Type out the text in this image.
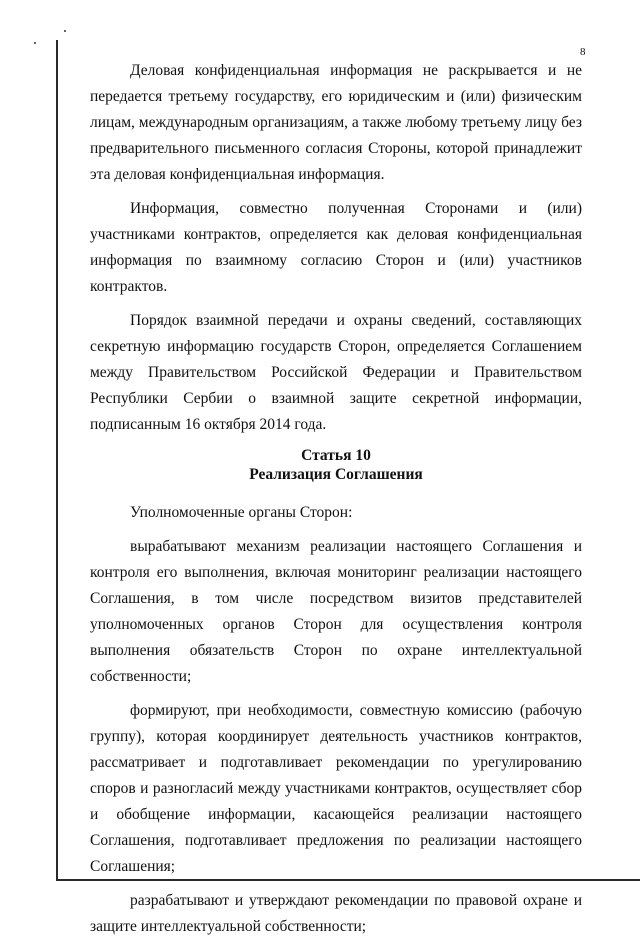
8

Деловая конфиденциальная информация не раскрывается и не передается третьему государству, его юридическим и (или) физическим лицам, международным организациям, а также любому третьему лицу без предварительного письменного согласия Стороны, которой принадлежит эта деловая конфиденциальная информация.

Информация, совместно полученная Сторонами и (или) участниками контрактов, определяется как деловая конфиденциальная информация по взаимному согласию Сторон и (или) участников контрактов.

Порядок взаимной передачи и охраны сведений, составляющих секретную информацию государств Сторон, определяется Соглашением между Правительством Российской Федерации и Правительством Республики Сербии о взаимной защите секретной информации, подписанным 16 октября 2014 года.

Статья 10
Реализация Соглашения

Уполномоченные органы Сторон:

вырабатывают механизм реализации настоящего Соглашения и контроля его выполнения, включая мониторинг реализации настоящего Соглашения, в том числе посредством визитов представителей уполномоченных органов Сторон для осуществления контроля выполнения обязательств Сторон по охране интеллектуальной собственности;

формируют, при необходимости, совместную комиссию (рабочую группу), которая координирует деятельность участников контрактов, рассматривает и подготавливает рекомендации по урегулированию споров и разногласий между участниками контрактов, осуществляет сбор и обобщение информации, касающейся реализации настоящего Соглашения, подготавливает предложения по реализации настоящего Соглашения;

разрабатывают и утверждают рекомендации по правовой охране и защите интеллектуальной собственности;
